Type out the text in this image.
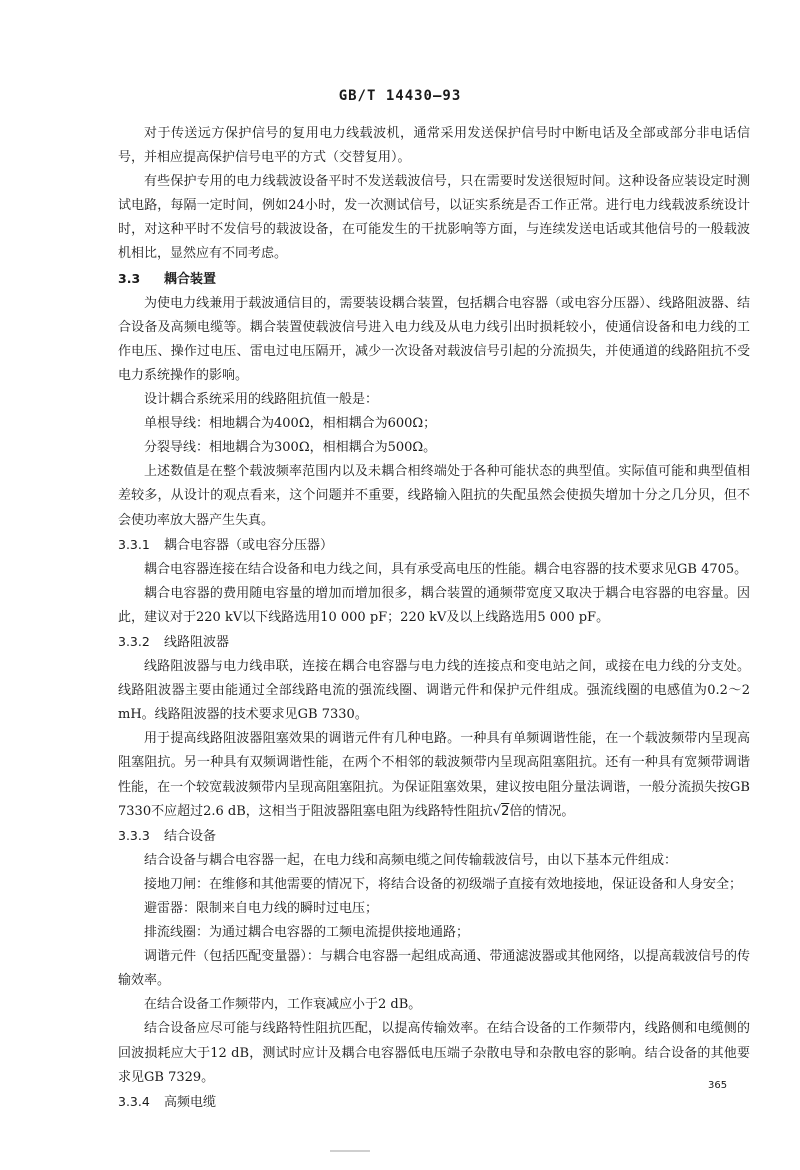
GB/T 14430—93

对于传送远方保护信号的复用电力线载波机，通常采用发送保护信号时中断电话及全部或部分非电话信号，并相应提高保护信号电平的方式（交替复用）。

有些保护专用的电力线载波设备平时不发送载波信号，只在需要时发送很短时间。这种设备应装设定时测试电路，每隔一定时间，例如24小时，发一次测试信号，以证实系统是否工作正常。进行电力线载波系统设计时，对这种平时不发信号的载波设备，在可能发生的干扰影响等方面，与连续发送电话或其他信号的一般载波机相比，显然应有不同考虑。

3.3 耦合装置

为使电力线兼用于载波通信目的，需要装设耦合装置，包括耦合电容器（或电容分压器）、线路阻波器、结合设备及高频电缆等。耦合装置使载波信号进入电力线及从电力线引出时损耗较小，使通信设备和电力线的工作电压、操作过电压、雷电过电压隔开，减少一次设备对载波信号引起的分流损失，并使通道的线路阻抗不受电力系统操作的影响。

设计耦合系统采用的线路阻抗值一般是：

单根导线：相地耦合为400Ω，相相耦合为600Ω；

分裂导线：相地耦合为300Ω，相相耦合为500Ω。

上述数值是在整个载波频率范围内以及未耦合相终端处于各种可能状态的典型值。实际值可能和典型值相差较多，从设计的观点看来，这个问题并不重要，线路输入阻抗的失配虽然会使损失增加十分之几分贝，但不会使功率放大器产生失真。

3.3.1 耦合电容器（或电容分压器）

耦合电容器连接在结合设备和电力线之间，具有承受高电压的性能。耦合电容器的技术要求见GB 4705。

耦合电容器的费用随电容量的增加而增加很多，耦合装置的通频带宽度又取决于耦合电容器的电容量。因此，建议对于220 kV以下线路选用10 000 pF；220 kV及以上线路选用5 000 pF。

3.3.2 线路阻波器

线路阻波器与电力线串联，连接在耦合电容器与电力线的连接点和变电站之间，或接在电力线的分支处。线路阻波器主要由能通过全部线路电流的强流线圈、调谐元件和保护元件组成。强流线圈的电感值为0.2～2 mH。线路阻波器的技术要求见GB 7330。

用于提高线路阻波器阻塞效果的调谐元件有几种电路。一种具有单频调谐性能，在一个载波频带内呈现高阻塞阻抗。另一种具有双频调谐性能，在两个不相邻的载波频带内呈现高阻塞阻抗。还有一种具有宽频带调谐性能，在一个较宽载波频带内呈现高阻塞阻抗。为保证阻塞效果，建议按电阻分量法调谐，一般分流损失按GB 7330不应超过2.6 dB，这相当于阻波器阻塞电阻为线路特性阻抗√2倍的情况。

3.3.3 结合设备

结合设备与耦合电容器一起，在电力线和高频电缆之间传输载波信号，由以下基本元件组成：

接地刀闸：在维修和其他需要的情况下，将结合设备的初级端子直接有效地接地，保证设备和人身安全；

避雷器：限制来自电力线的瞬时过电压；

排流线圈：为通过耦合电容器的工频电流提供接地通路；

调谐元件（包括匹配变量器）：与耦合电容器一起组成高通、带通滤波器或其他网络，以提高载波信号的传输效率。

在结合设备工作频带内，工作衰减应小于2 dB。

结合设备应尽可能与线路特性阻抗匹配，以提高传输效率。在结合设备的工作频带内，线路侧和电缆侧的回波损耗应大于12 dB，测试时应计及耦合电容器低电压端子杂散电导和杂散电容的影响。结合设备的其他要求见GB 7329。

3.3.4 高频电缆
365
